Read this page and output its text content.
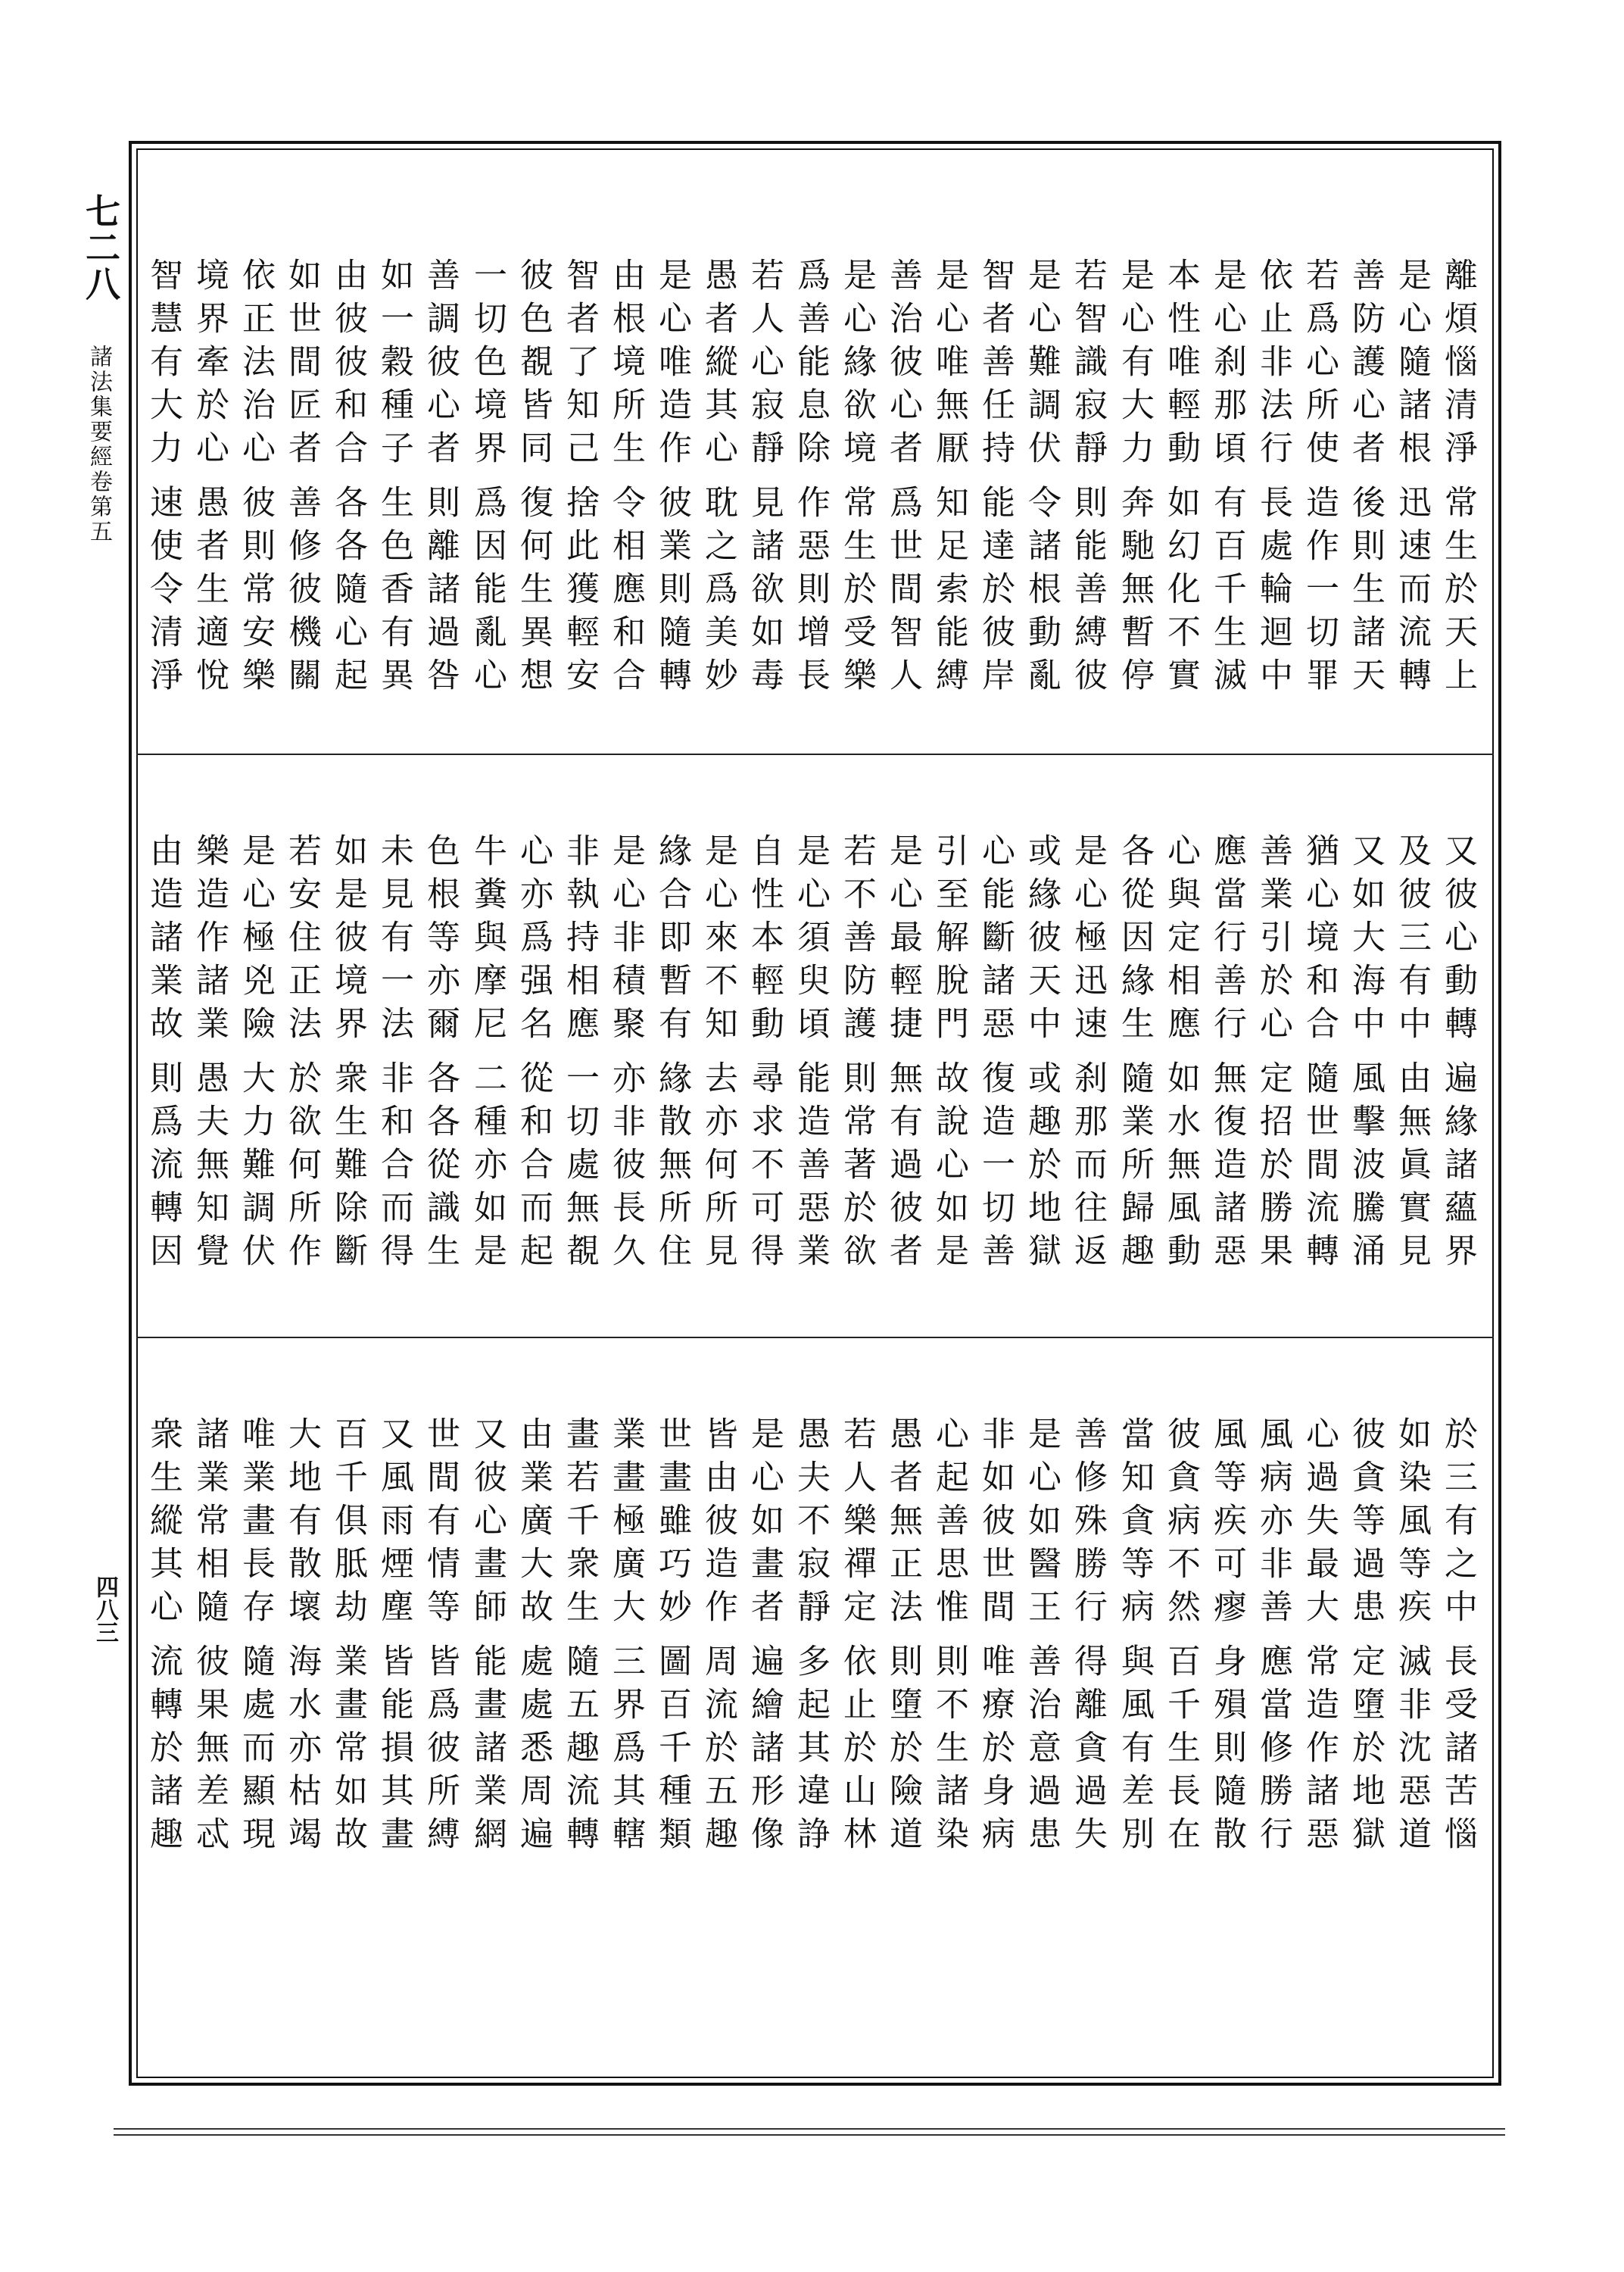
七二八
諸法集要經卷第五
四八三
離煩惱清淨
是心隨諸根
善防護心者
若爲心所使
依止非法行
是心刹那頃
本性唯輕動
是心有大力
若智識寂靜
是心難調伏
智者善任持
是心唯無厭
善治彼心者
是心緣欲境
爲善能息除
若人心寂靜
愚者縱其心
是心唯造作
由根境所生
智者了知己
彼色覩皆同
一切色境界
善調彼心者
如一穀種子
由彼彼和合
如世間匠者
依正法治心
境界牽於心
智慧有大力
常生於天上
迅速而流轉
後則生諸天
造作一切罪
長處輪迴中
有百千生滅
如幻化不實
奔馳無暫停
則能善縛彼
令諸根動亂
能達於彼岸
知足索能縛
爲世間智人
常生於受樂
作惡則增長
見諸欲如毒
耽之爲美妙
彼業則隨轉
令相應和合
捨此獲輕安
復何生異想
爲因能亂心
則離諸過咎
生色香有異
各各隨心起
善修彼機關
彼則常安樂
愚者生適悅
速使令清淨
又彼心動轉
及彼三有中
又如大海中
猶心境和合
善業引於心
應當行善行
心與定相應
各從因緣生
是心極迅速
或緣彼天中
心能斷諸惡
引至解脫門
是心最輕捷
若不善防護
是心須臾頃
自性本輕動
是心來不知
緣合即暫有
是心非積聚
非執持相應
心亦爲强名
牛糞與摩尼
色根等亦爾
未見有一法
如是彼境界
若安住正法
是心極兇險
樂造作諸業
由造諸業故
遍緣諸蘊界
由無眞實見
風擊波騰涌
隨世間流轉
定招於勝果
無復造諸惡
如水無風動
隨業所歸趣
刹那而往返
或趣於地獄
復造一切善
故說心如是
無有過彼者
則常著於欲
能造善惡業
尋求不可得
去亦何所見
緣散無所住
亦非彼長久
一切處無覩
從和合而起
二種亦如是
各各從識生
非和合而得
衆生難除斷
於欲何所作
大力難調伏
愚夫無知覺
則爲流轉因
於三有之中
如染風等疾
彼貪等過患
心過失最大
風病亦非善
風等疾可瘳
彼貪病不然
當知貪等病
善修殊勝行
是心如醫王
非如彼世間
心起善思惟
愚者無正法
若人樂禪定
愚夫不寂靜
是心如畫者
皆由彼造作
世畫雖巧妙
業畫極廣大
畫若千衆生
由業廣大故
又彼心畫師
世間有情等
又風雨煙塵
百千俱胝劫
大地有散壞
唯業畫長存
諸業常相隨
衆生縱其心
長受諸苦惱
滅非沈惡道
定墮於地獄
常造作諸惡
應當修勝行
身殞則隨散
百千生長在
與風有差別
得離貪過失
善治意過患
唯療於身病
則不生諸染
則墮於險道
依止於山林
多起其違諍
遍繪諸形像
周流於五趣
圖百千種類
三界爲其轄
隨五趣流轉
處處悉周遍
能畫諸業網
皆爲彼所縛
皆能損其畫
業畫常如故
海水亦枯竭
隨處而顯現
彼果無差忒
流轉於諸趣
